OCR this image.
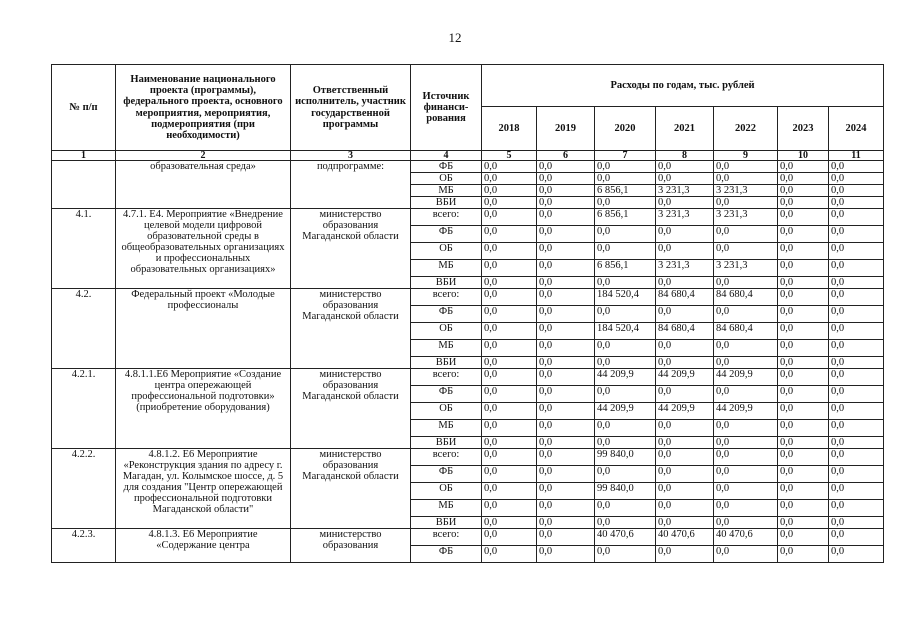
12
№ п/п	Наименование национального проекта (программы), федерального проекта, основного мероприятия, мероприятия, подмероприятия (при необходимости)	Ответственный исполнитель, участник государственной программы	Источник финанси-рования	Расходы по годам, тыс. рублей						
				2018	2019	2020	2021	2022	2023	2024
1	2	3	4	5	6	7	8	9	10	11
	образовательная среда»	подпрограмме:	ФБ	0,0	0,0	0,0	0,0	0,0	0,0	0,0
			ОБ	0,0	0,0	0,0	0,0	0,0	0,0	0,0
			МБ	0,0	0,0	6 856,1	3 231,3	3 231,3	0,0	0,0
			ВБИ	0,0	0,0	0,0	0,0	0,0	0,0	0,0
4.1.	4.7.1. E4. Мероприятие «Внедрение целевой модели цифровой образовательной среды в общеобразовательных организациях и профессиональных образовательных организациях»	министерство образования Магаданской области	всего:	0,0	0,0	6 856,1	3 231,3	3 231,3	0,0	0,0
			ФБ	0,0	0,0	0,0	0,0	0,0	0,0	0,0
			ОБ	0,0	0,0	0,0	0,0	0,0	0,0	0,0
			МБ	0,0	0,0	6 856,1	3 231,3	3 231,3	0,0	0,0
			ВБИ	0,0	0,0	0,0	0,0	0,0	0,0	0,0
4.2.	Федеральный проект «Молодые профессионалы	министерство образования Магаданской области	всего:	0,0	0,0	184 520,4	84 680,4	84 680,4	0,0	0,0
			ФБ	0,0	0,0	0,0	0,0	0,0	0,0	0,0
			ОБ	0,0	0,0	184 520,4	84 680,4	84 680,4	0,0	0,0
			МБ	0,0	0,0	0,0	0,0	0,0	0,0	0,0
			ВБИ	0,0	0,0	0,0	0,0	0,0	0,0	0,0
4.2.1.	4.8.1.1.E6 Мероприятие «Создание центра опережающей профессиональной подготовки» (приобретение оборудования)	министерство образования Магаданской области	всего:	0,0	0,0	44 209,9	44 209,9	44 209,9	0,0	0,0
			ФБ	0,0	0,0	0,0	0,0	0,0	0,0	0,0
			ОБ	0,0	0,0	44 209,9	44 209,9	44 209,9	0,0	0,0
			МБ	0,0	0,0	0,0	0,0	0,0	0,0	0,0
			ВБИ	0,0	0,0	0,0	0,0	0,0	0,0	0,0
4.2.2.	4.8.1.2. E6 Мероприятие «Реконструкция здания по адресу г. Магадан, ул. Колымское шоссе, д. 5 для создания "Центр опережающей профессиональной подготовки Магаданской области"	министерство образования Магаданской области	всего:	0,0	0,0	99 840,0	0,0	0,0	0,0	0,0
			ФБ	0,0	0,0	0,0	0,0	0,0	0,0	0,0
			ОБ	0,0	0,0	99 840,0	0,0	0,0	0,0	0,0
			МБ	0,0	0,0	0,0	0,0	0,0	0,0	0,0
			ВБИ	0,0	0,0	0,0	0,0	0,0	0,0	0,0
4.2.3.	4.8.1.3. E6 Мероприятие «Содержание центра	министерство образования	всего:	0,0	0,0	40 470,6	40 470,6	40 470,6	0,0	0,0
			ФБ	0,0	0,0	0,0	0,0	0,0	0,0	0,0
